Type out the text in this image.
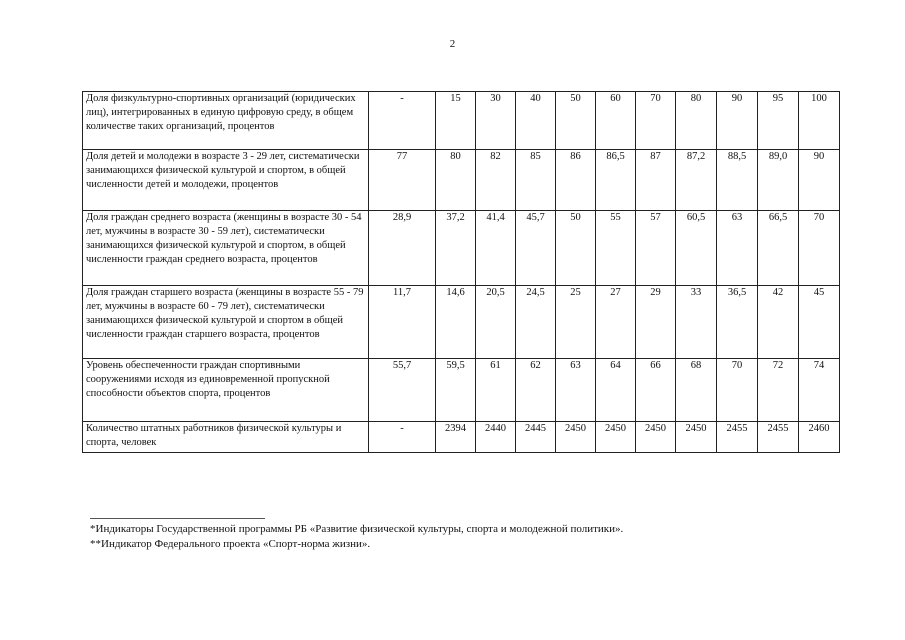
2
Доля физкультурно-спортивных организаций (юридических лиц), интегрированных в единую цифровую среду, в общем количестве таких организаций, процентов	-	15	30	40	50	60	70	80	90	95	100
Доля детей и молодежи в возрасте 3 - 29 лет, систематически занимающихся физической культурой и спортом, в общей численности детей и молодежи, процентов	77	80	82	85	86	86,5	87	87,2	88,5	89,0	90
Доля граждан среднего возраста (женщины в возрасте 30 - 54 лет, мужчины в возрасте 30 - 59 лет), систематически занимающихся физической культурой и спортом, в общей численности граждан среднего возраста, процентов	28,9	37,2	41,4	45,7	50	55	57	60,5	63	66,5	70
Доля граждан старшего возраста (женщины в возрасте 55 - 79 лет, мужчины в возрасте 60 - 79 лет), систематически занимающихся физической культурой и спортом в общей численности граждан старшего возраста, процентов	11,7	14,6	20,5	24,5	25	27	29	33	36,5	42	45
Уровень обеспеченности граждан спортивными сооружениями исходя из единовременной пропускной способности объектов спорта, процентов	55,7	59,5	61	62	63	64	66	68	70	72	74
Количество штатных работников физической культуры и спорта, человек	-	2394	2440	2445	2450	2450	2450	2450	2455	2455	2460
*Индикаторы Государственной программы РБ «Развитие физической культуры, спорта и молодежной политики».
**Индикатор Федерального проекта «Спорт-норма жизни».
